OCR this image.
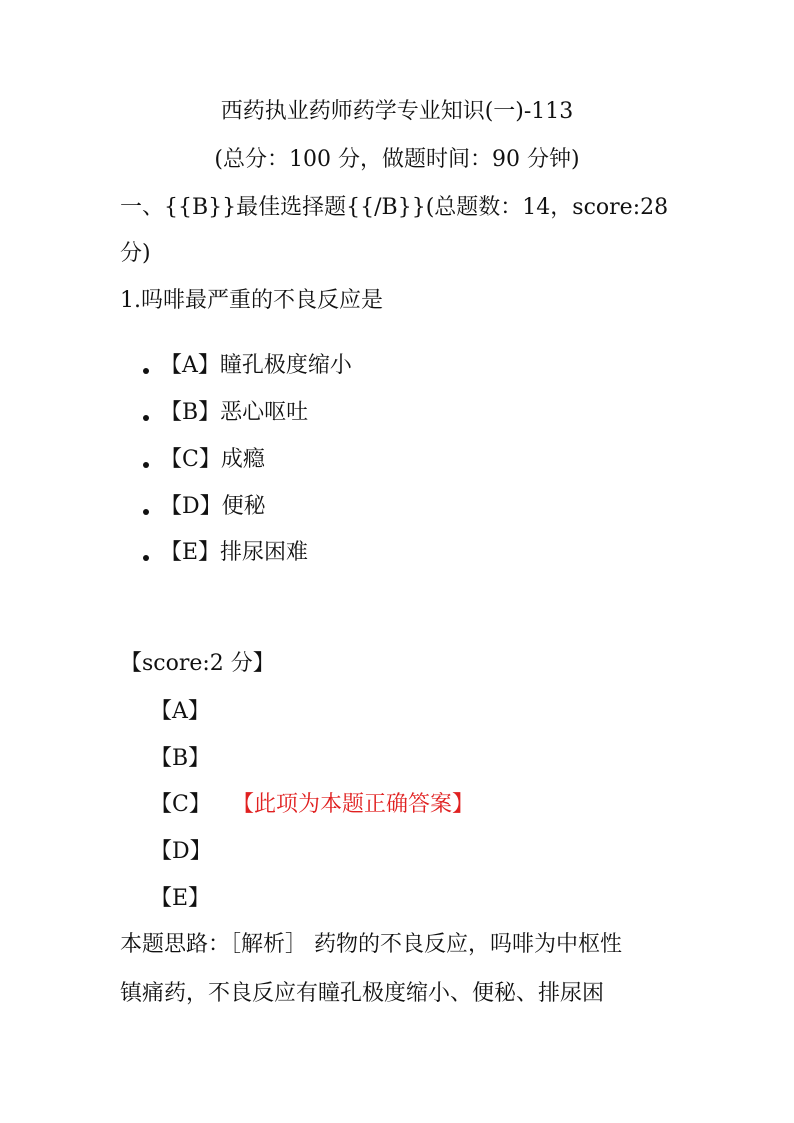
西药执业药师药学专业知识(一)-113
(总分：100 分，做题时间：90 分钟)
一、{{B}}最佳选择题{{/B}}(总题数：14，score:28
分)
1.吗啡最严重的不良反应是
【A】瞳孔极度缩小
【B】恶心呕吐
【C】成瘾
【D】便秘
【E】排尿困难
【score:2 分】
【A】
【B】
【C】 【此项为本题正确答案】
【D】
【E】
本题思路：［解析］ 药物的不良反应，吗啡为中枢性
镇痛药，不良反应有瞳孔极度缩小、便秘、排尿困
